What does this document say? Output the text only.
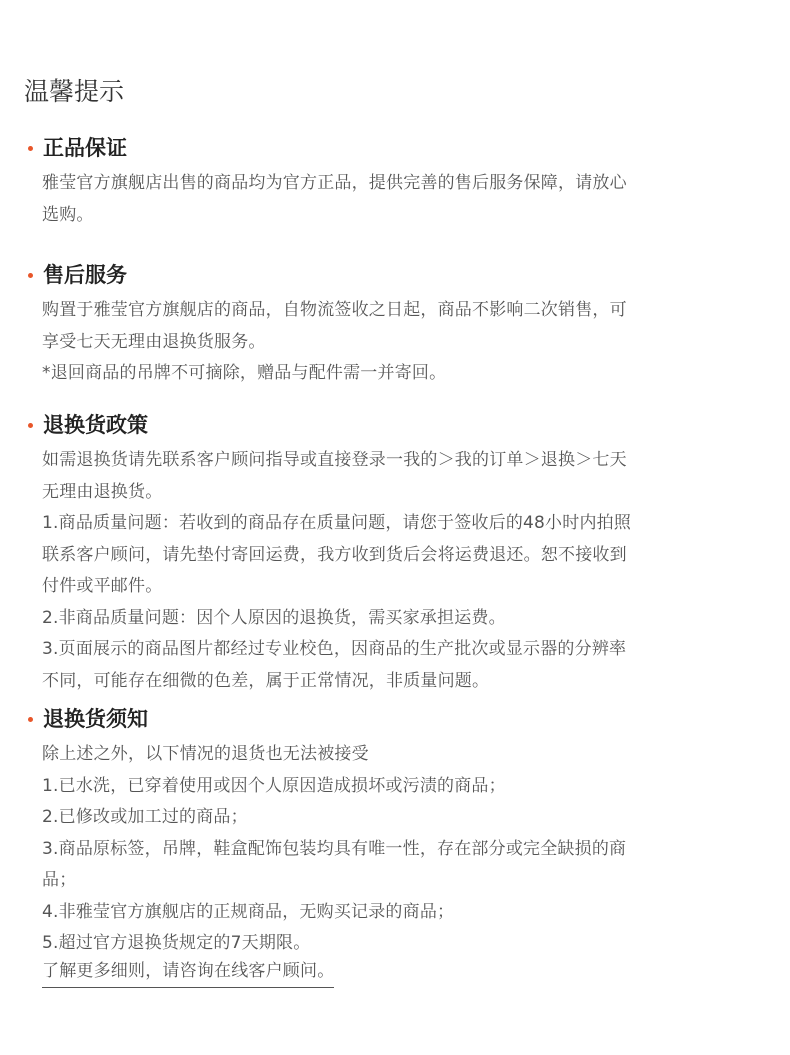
温馨提示
正品保证
雅莹官方旗舰店出售的商品均为官方正品，提供完善的售后服务保障，请放心
选购。
售后服务
购置于雅莹官方旗舰店的商品，自物流签收之日起，商品不影响二次销售，可
享受七天无理由退换货服务。
*退回商品的吊牌不可摘除，赠品与配件需一并寄回。
退换货政策
如需退换货请先联系客户顾问指导或直接登录一我的＞我的订单＞退换＞七天
无理由退换货。
1.商品质量问题：若收到的商品存在质量问题，请您于签收后的48小时内拍照
联系客户顾问，请先垫付寄回运费，我方收到货后会将运费退还。恕不接收到
付件或平邮件。
2.非商品质量问题：因个人原因的退换货，需买家承担运费。
3.页面展示的商品图片都经过专业校色，因商品的生产批次或显示器的分辨率
不同，可能存在细微的色差，属于正常情况，非质量问题。
退换货须知
除上述之外，以下情况的退货也无法被接受
1.已水洗，已穿着使用或因个人原因造成损坏或污渍的商品；
2.已修改或加工过的商品；
3.商品原标签，吊牌，鞋盒配饰包装均具有唯一性，存在部分或完全缺损的商
品；
4.非雅莹官方旗舰店的正规商品，无购买记录的商品；
5.超过官方退换货规定的7天期限。
了解更多细则，请咨询在线客户顾问。
